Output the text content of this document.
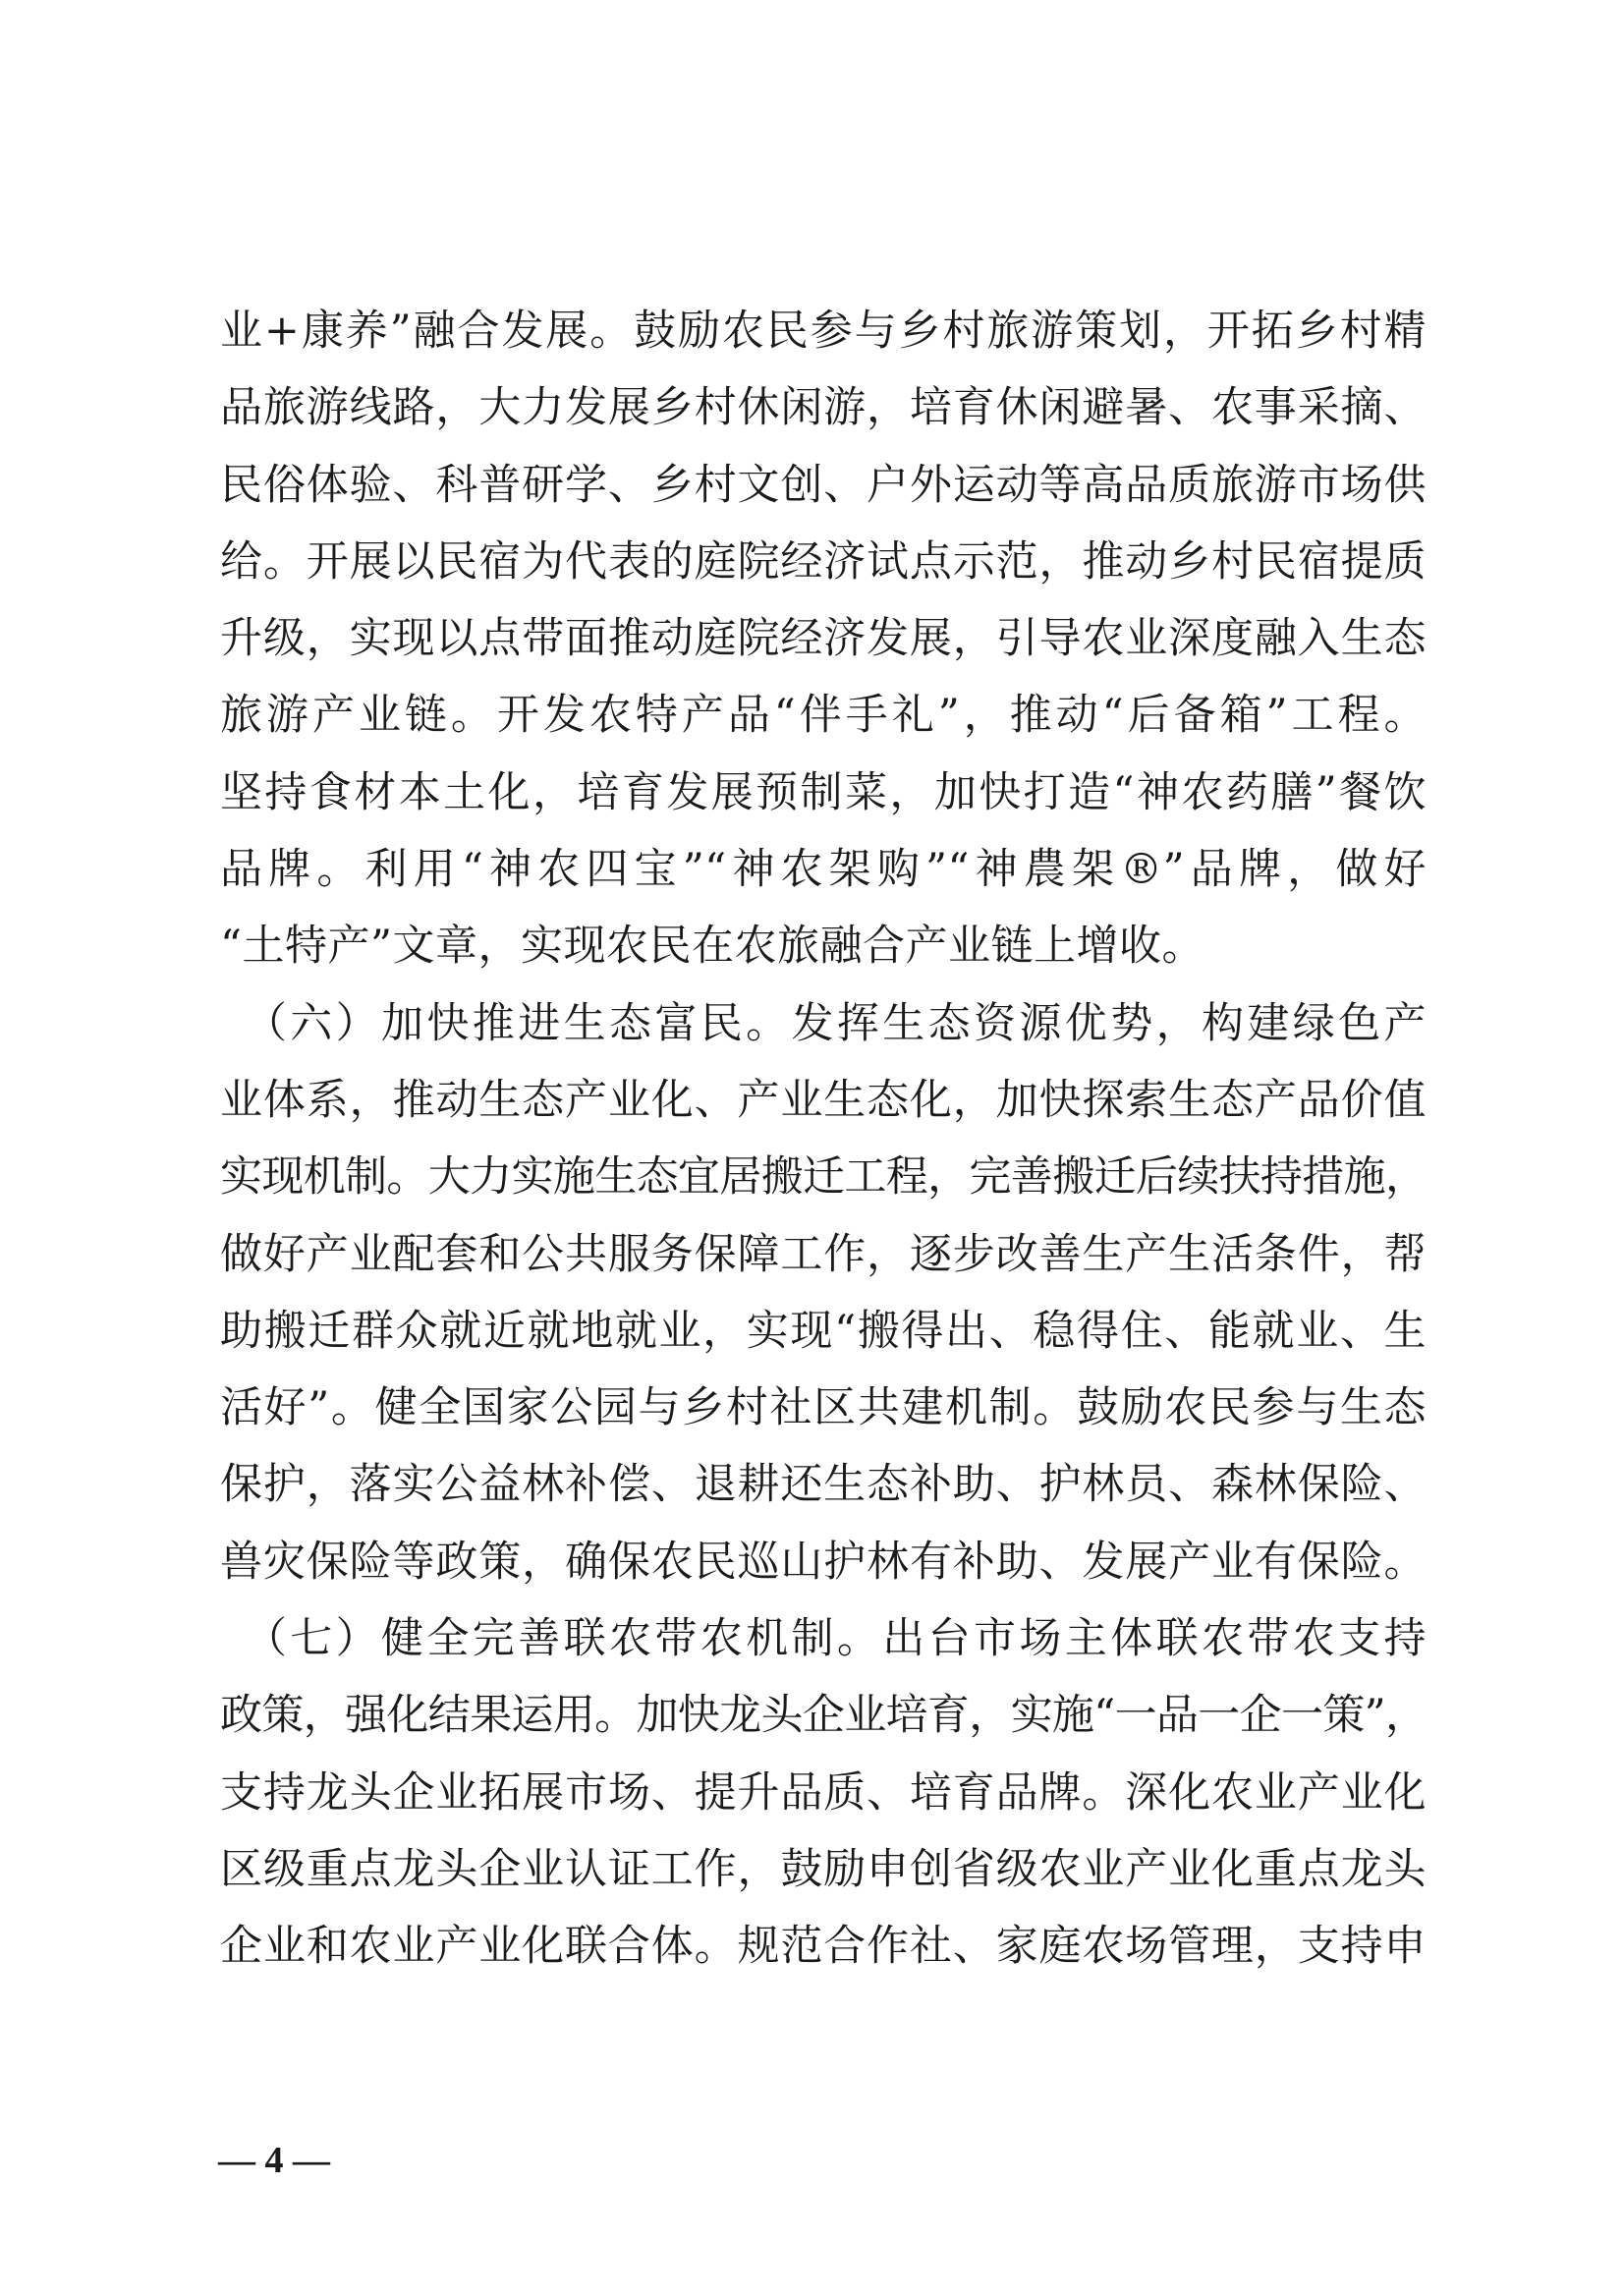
业+康养”融合发展。鼓励农民参与乡村旅游策划，开拓乡村精
品旅游线路，大力发展乡村休闲游，培育休闲避暑、农事采摘、
民俗体验、科普研学、乡村文创、户外运动等高品质旅游市场供
给。开展以民宿为代表的庭院经济试点示范，推动乡村民宿提质
升级，实现以点带面推动庭院经济发展，引导农业深度融入生态
旅游产业链。开发农特产品“伴手礼”，推动“后备箱”工程。
坚持食材本土化，培育发展预制菜，加快打造“神农药膳”餐饮
品牌。利用“神农四宝”“神农架购”“神農架®”品牌，做好
“土特产”文章，实现农民在农旅融合产业链上增收。
　（六）加快推进生态富民。发挥生态资源优势，构建绿色产
业体系，推动生态产业化、产业生态化，加快探索生态产品价值
实现机制。大力实施生态宜居搬迁工程，完善搬迁后续扶持措施，
做好产业配套和公共服务保障工作，逐步改善生产生活条件，帮
助搬迁群众就近就地就业，实现“搬得出、稳得住、能就业、生
活好”。健全国家公园与乡村社区共建机制。鼓励农民参与生态
保护，落实公益林补偿、退耕还生态补助、护林员、森林保险、
兽灾保险等政策，确保农民巡山护林有补助、发展产业有保险。
　（七）健全完善联农带农机制。出台市场主体联农带农支持
政策，强化结果运用。加快龙头企业培育，实施“一品一企一策”，
支持龙头企业拓展市场、提升品质、培育品牌。深化农业产业化
区级重点龙头企业认证工作，鼓励申创省级农业产业化重点龙头
企业和农业产业化联合体。规范合作社、家庭农场管理，支持申
— 4 —
